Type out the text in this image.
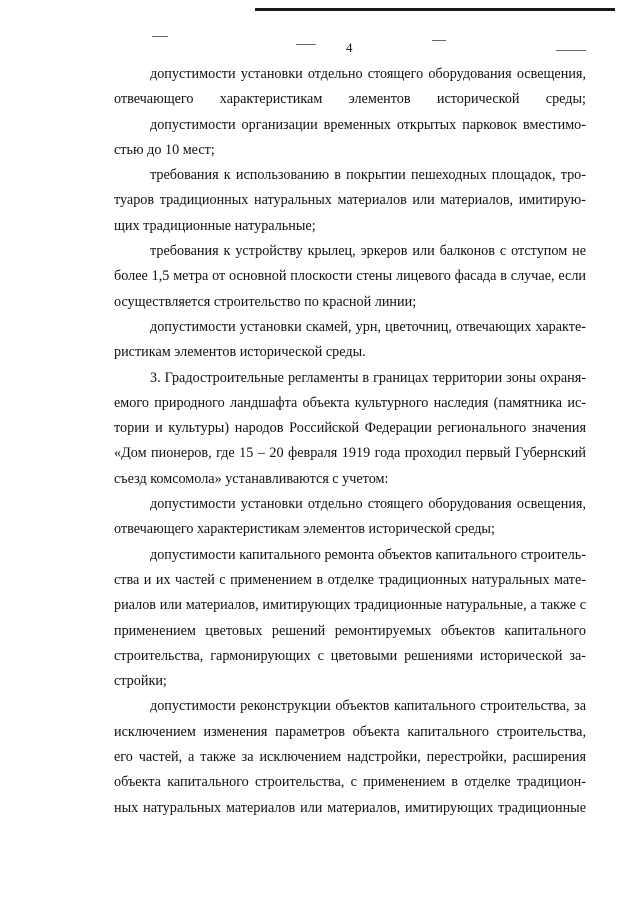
4
допустимости установки отдельно стоящего оборудования освещения,
отвечающего характеристикам элементов исторической среды;
допустимости организации временных открытых парковок вместимо-
стью до 10 мест;
требования к использованию в покрытии пешеходных площадок, тро-
туаров традиционных натуральных материалов или материалов, имитирую-
щих традиционные натуральные;
требования к устройству крылец, эркеров или балконов с отступом не
более 1,5 метра от основной плоскости стены лицевого фасада в случае, если
осуществляется строительство по красной линии;
допустимости установки скамей, урн, цветочниц, отвечающих характе-
ристикам элементов исторической среды.
3. Градостроительные регламенты в границах территории зоны охраня-
емого природного ландшафта объекта культурного наследия (памятника ис-
тории и культуры) народов Российской Федерации регионального значения
«Дом пионеров, где 15 – 20 февраля 1919 года проходил первый Губернский
съезд комсомола» устанавливаются с учетом:
допустимости установки отдельно стоящего оборудования освещения,
отвечающего характеристикам элементов исторической среды;
допустимости капитального ремонта объектов капитального строитель-
ства и их частей с применением в отделке традиционных натуральных мате-
риалов или материалов, имитирующих традиционные натуральные, а также с
применением цветовых решений ремонтируемых объектов капитального
строительства, гармонирующих с цветовыми решениями исторической за-
стройки;
допустимости реконструкции объектов капитального строительства, за
исключением изменения параметров объекта капитального строительства,
его частей, а также за исключением надстройки, перестройки, расширения
объекта капитального строительства, с применением в отделке традицион-
ных натуральных материалов или материалов, имитирующих традиционные
